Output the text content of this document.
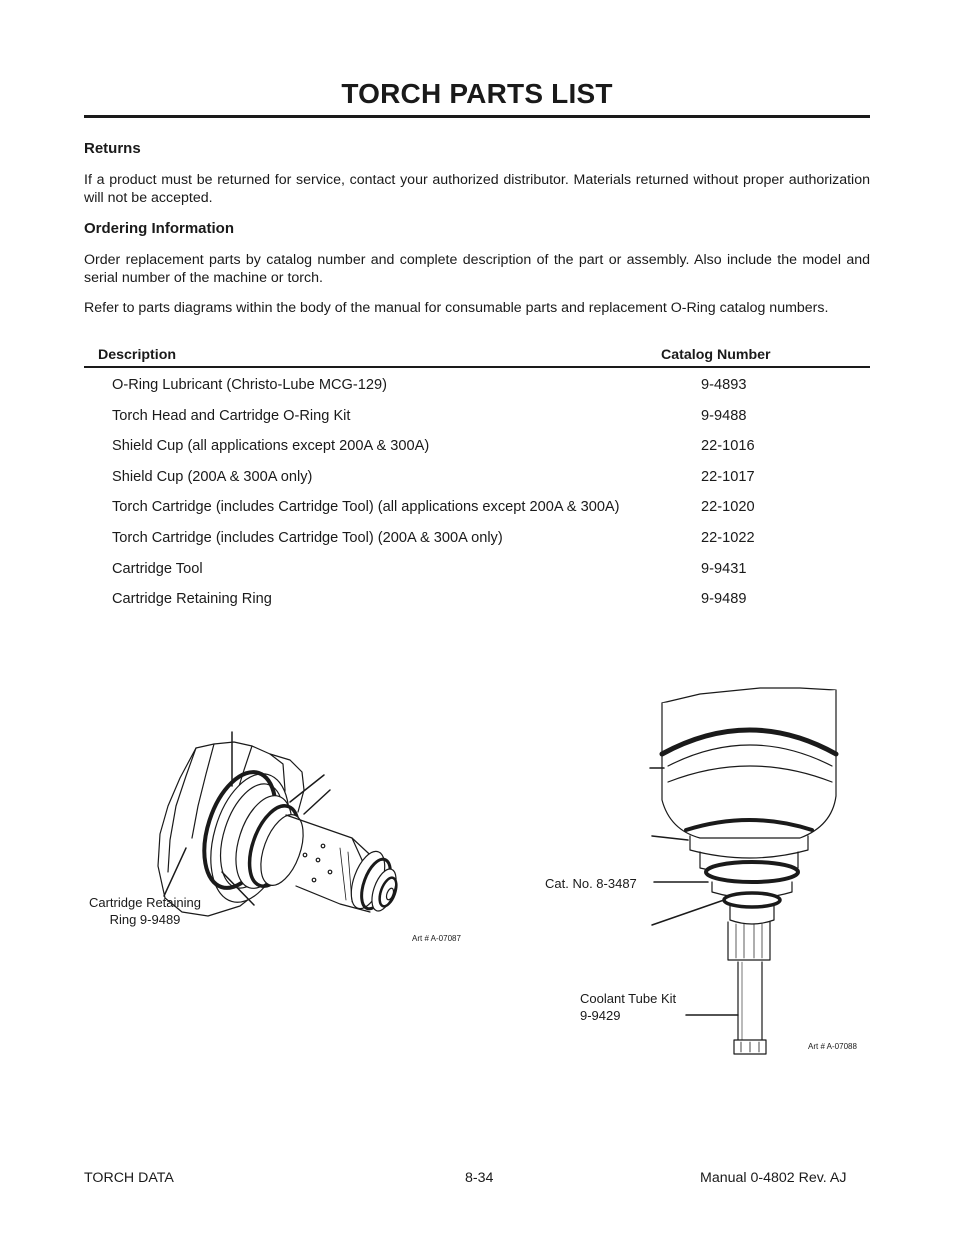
TORCH PARTS LIST
Returns
If a product must be returned for service, contact your authorized distributor. Materials returned without proper authorization will not be accepted.
Ordering Information
Order replacement parts by catalog number and complete description of the part or assembly. Also include the model and serial number of the machine or torch.
Refer to parts diagrams within the body of the manual for consumable parts and replacement O-Ring catalog numbers.
Description	Catalog Number
O-Ring Lubricant (Christo-Lube MCG-129)	9-4893
Torch Head and Cartridge O-Ring Kit	9-9488
Shield Cup (all applications except 200A & 300A)	22-1016
Shield Cup (200A & 300A only)	22-1017
Torch Cartridge (includes Cartridge Tool) (all applications except 200A & 300A)	22-1020
Torch Cartridge (includes Cartridge Tool) (200A & 300A only)	22-1022
Cartridge Tool	9-9431
Cartridge Retaining Ring	9-9489
Cartridge Retaining
Ring 9-9489
Art # A-07087
Cat. No. 8-3487
Coolant Tube Kit
9-9429
Art # A-07088
TORCH DATA	8-34	Manual 0-4802 Rev. AJ
